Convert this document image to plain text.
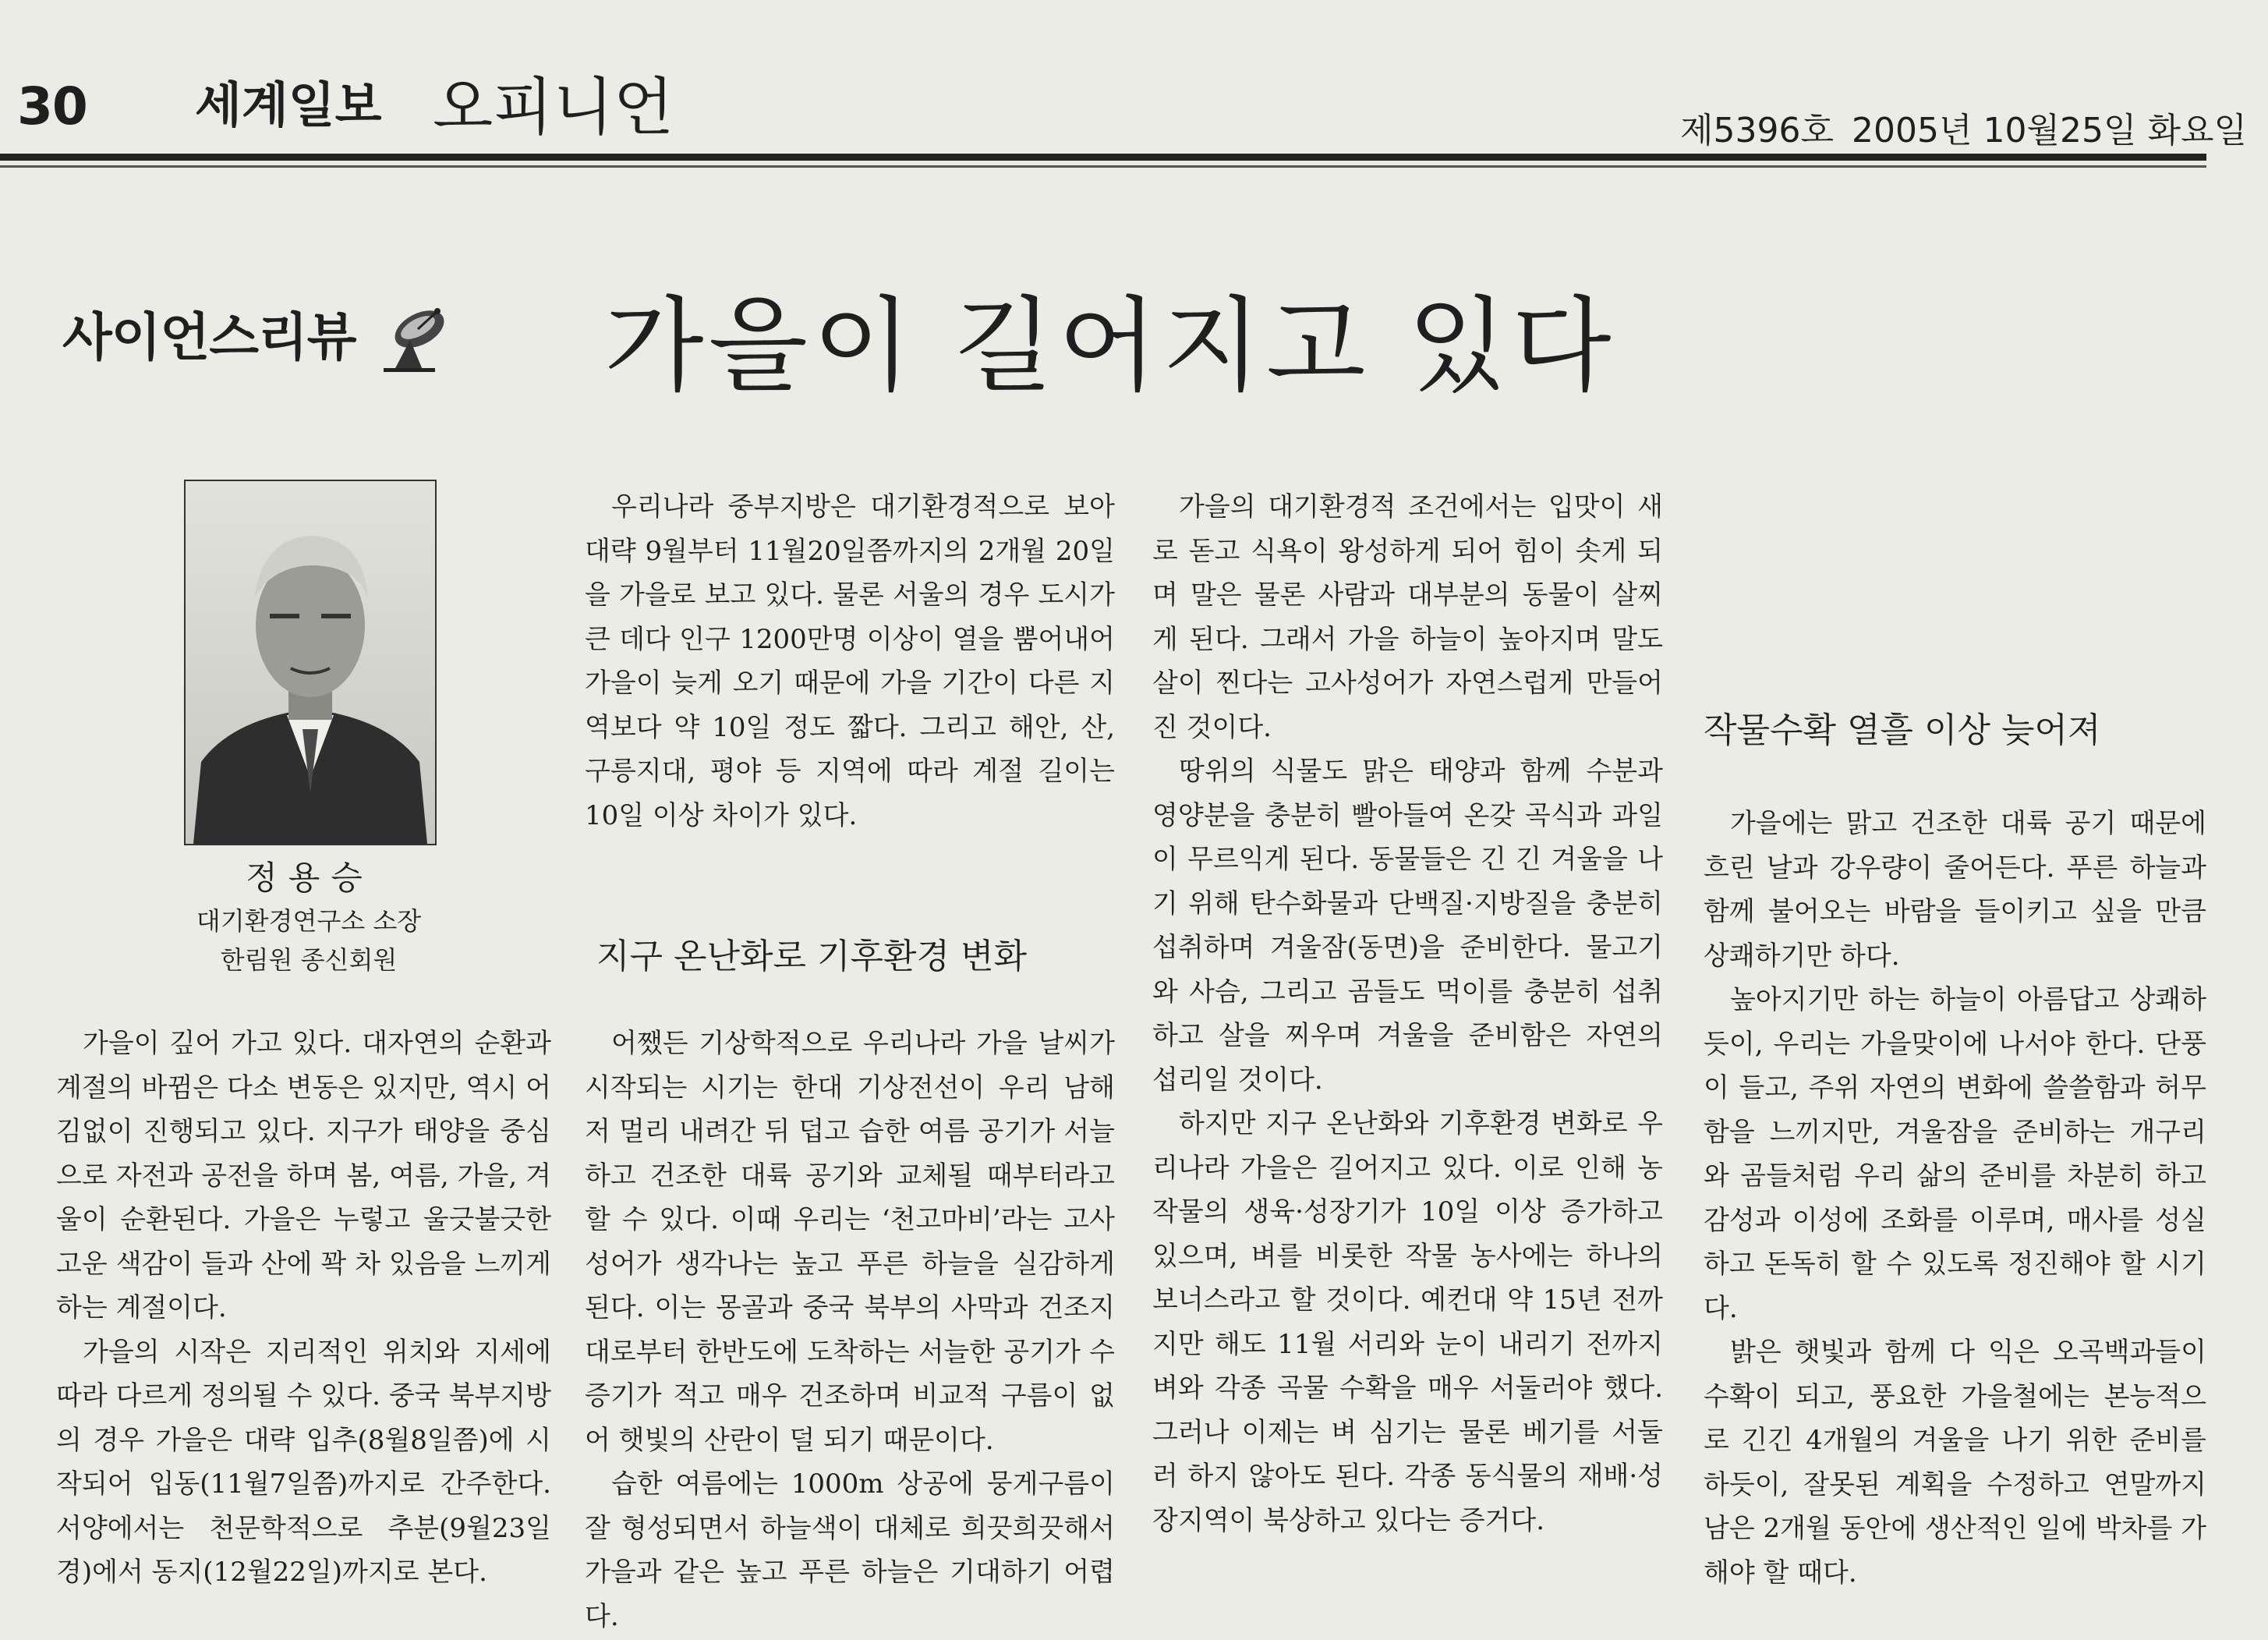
30 세계일보 오피니언	제5396호 2005년 10월25일 화요일
사이언스리뷰 가을이 길어지고 있다
정용승
대기환경연구소 소장
한림원 종신회원

가을이 깊어 가고 있다. 대자연의 순환과 계절의 바뀜은 다소 변동은 있지만, 역시 어김없이 진행되고 있다. 지구가 태양을 중심으로 자전과 공전을 하며 봄, 여름, 가을, 겨울이 순환된다. 가을은 누렇고 울긋불긋한 고운 색감이 들과 산에 꽉 차 있음을 느끼게 하는 계절이다.

가을의 시작은 지리적인 위치와 지세에 따라 다르게 정의될 수 있다. 중국 북부지방의 경우 가을은 대략 입추(8월8일쯤)에 시작되어 입동(11월7일쯤)까지로 간주한다. 서양에서는 천문학적으로 추분(9월23일경)에서 동지(12월22일)까지로 본다.

우리나라 중부지방은 대기환경적으로 보아 대략 9월부터 11월20일쯤까지의 2개월 20일을 가을로 보고 있다. 물론 서울의 경우 도시가 큰 데다 인구 1200만명 이상이 열을 뿜어내어 가을이 늦게 오기 때문에 가을 기간이 다른 지역보다 약 10일 정도 짧다. 그리고 해안, 산, 구릉지대, 평야 등 지역에 따라 계절 길이는 10일 이상 차이가 있다.

지구 온난화로 기후환경 변화

어쨌든 기상학적으로 우리나라 가을 날씨가 시작되는 시기는 한대 기상전선이 우리 남해 저 멀리 내려간 뒤 덥고 습한 여름 공기가 서늘하고 건조한 대륙 공기와 교체될 때부터라고 할 수 있다. 이때 우리는 ‘천고마비’라는 고사성어가 생각나는 높고 푸른 하늘을 실감하게 된다. 이는 몽골과 중국 북부의 사막과 건조지대로부터 한반도에 도착하는 서늘한 공기가 수증기가 적고 매우 건조하며 비교적 구름이 없어 햇빛의 산란이 덜 되기 때문이다.

습한 여름에는 1000m 상공에 뭉게구름이 잘 형성되면서 하늘색이 대체로 희끗희끗해서 가을과 같은 높고 푸른 하늘은 기대하기 어렵다.

가을의 대기환경적 조건에서는 입맛이 새로 돋고 식욕이 왕성하게 되어 힘이 솟게 되며 말은 물론 사람과 대부분의 동물이 살찌게 된다. 그래서 가을 하늘이 높아지며 말도 살이 찐다는 고사성어가 자연스럽게 만들어진 것이다.

땅위의 식물도 맑은 태양과 함께 수분과 영양분을 충분히 빨아들여 온갖 곡식과 과일이 무르익게 된다. 동물들은 긴 긴 겨울을 나기 위해 탄수화물과 단백질·지방질을 충분히 섭취하며 겨울잠(동면)을 준비한다. 물고기와 사슴, 그리고 곰들도 먹이를 충분히 섭취하고 살을 찌우며 겨울을 준비함은 자연의 섭리일 것이다.

하지만 지구 온난화와 기후환경 변화로 우리나라 가을은 길어지고 있다. 이로 인해 농작물의 생육·성장기가 10일 이상 증가하고 있으며, 벼를 비롯한 작물 농사에는 하나의 보너스라고 할 것이다. 예컨대 약 15년 전까지만 해도 11월 서리와 눈이 내리기 전까지 벼와 각종 곡물 수확을 매우 서둘러야 했다. 그러나 이제는 벼 심기는 물론 베기를 서둘러 하지 않아도 된다. 각종 동식물의 재배·성장지역이 북상하고 있다는 증거다.

작물수확 열흘 이상 늦어져

가을에는 맑고 건조한 대륙 공기 때문에 흐린 날과 강우량이 줄어든다. 푸른 하늘과 함께 불어오는 바람을 들이키고 싶을 만큼 상쾌하기만 하다.

높아지기만 하는 하늘이 아름답고 상쾌하듯이, 우리는 가을맞이에 나서야 한다. 단풍이 들고, 주위 자연의 변화에 쓸쓸함과 허무함을 느끼지만, 겨울잠을 준비하는 개구리와 곰들처럼 우리 삶의 준비를 차분히 하고 감성과 이성에 조화를 이루며, 매사를 성실하고 돈독히 할 수 있도록 정진해야 할 시기다.

밝은 햇빛과 함께 다 익은 오곡백과들이 수확이 되고, 풍요한 가을철에는 본능적으로 긴긴 4개월의 겨울을 나기 위한 준비를 하듯이, 잘못된 계획을 수정하고 연말까지 남은 2개월 동안에 생산적인 일에 박차를 가해야 할 때다.
